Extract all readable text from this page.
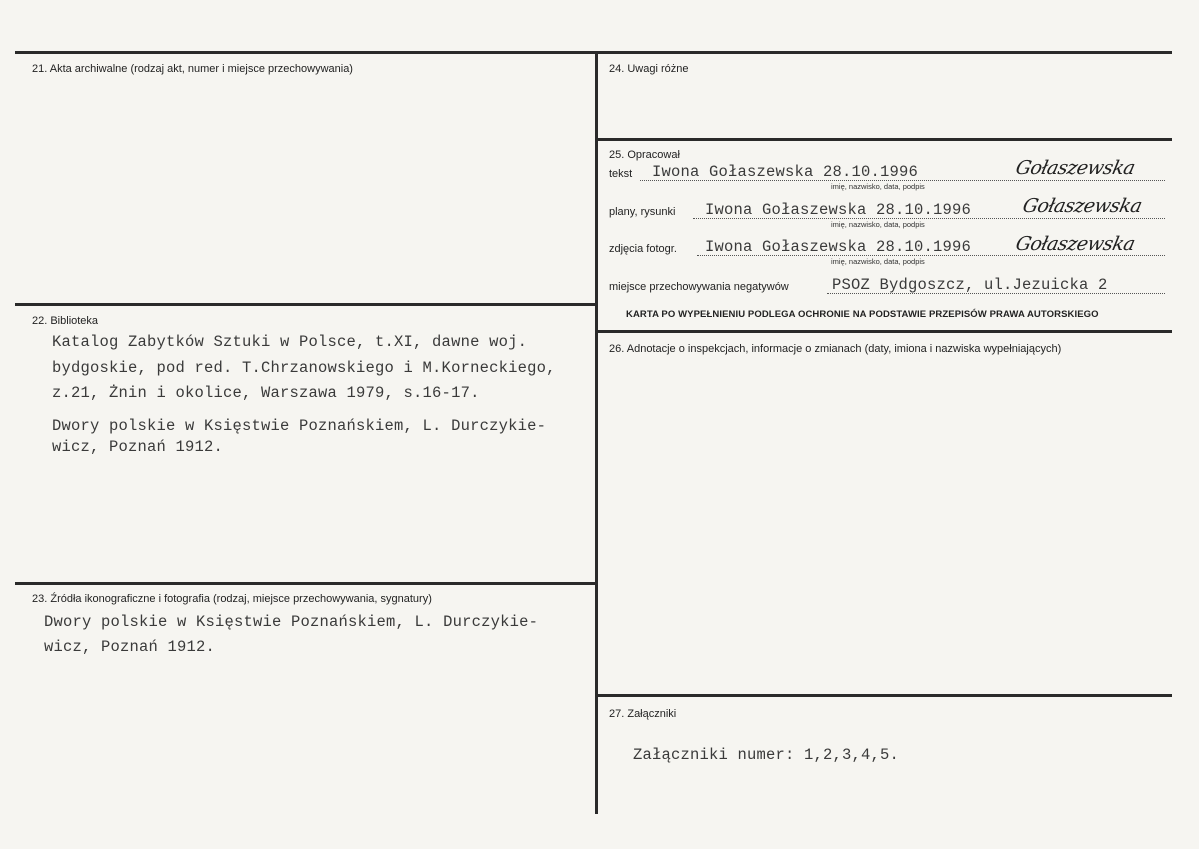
21. Akta archiwalne (rodzaj akt, numer i miejsce przechowywania)
22. Biblioteka
Katalog Zabytków Sztuki w Polsce, t.XI, dawne woj.
bydgoskie, pod red. T.Chrzanowskiego i M.Korneckiego,
z.21, Żnin i okolice, Warszawa 1979, s.16-17.
Dwory polskie w Księstwie Poznańskiem, L. Durczykie-
wicz, Poznań 1912.
23. Źródła ikonograficzne i fotografia (rodzaj, miejsce przechowywania, sygnatury)
Dwory polskie w Księstwie Poznańskiem, L. Durczykie-
wicz, Poznań 1912.
24. Uwagi różne
25. Opracował
tekst Iwona Gołaszewska 28.10.1996
imię, nazwisko, data, podpis
Gołaszewska
plany, rysunki Iwona Gołaszewska 28.10.1996
imię, nazwisko, data, podpis
Gołaszewska
zdjęcia fotogr. Iwona Gołaszewska 28.10.1996
imię, nazwisko, data, podpis
Gołaszewska
miejsce przechowywania negatywów	PSOZ Bydgoszcz, ul.Jezuicka 2
KARTA PO WYPEŁNIENIU PODLEGA OCHRONIE NA PODSTAWIE PRZEPISÓW PRAWA AUTORSKIEGO
26. Adnotacje o inspekcjach, informacje o zmianach (daty, imiona i nazwiska wypełniających)
27. Załączniki
Załączniki numer: 1,2,3,4,5.
